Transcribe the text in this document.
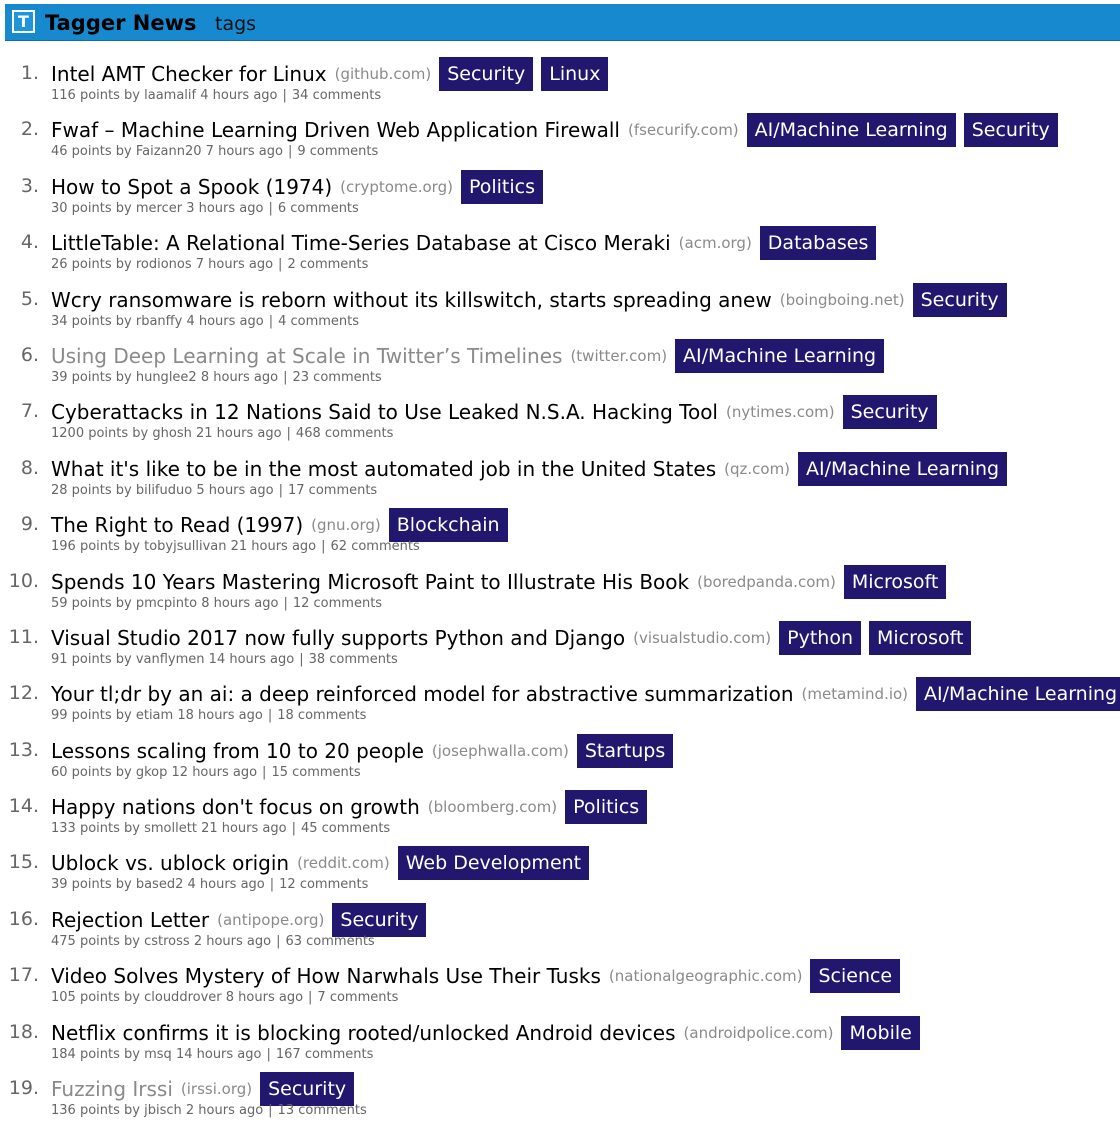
T Tagger News tags
1. Intel AMT Checker for Linux (github.com) Security	Linux
116 points by laamalif 4 hours ago | 34 comments
2. Fwaf – Machine Learning Driven Web Application Firewall (fsecurify.com) AI/Machine Learning	Security
46 points by Faizann20 7 hours ago | 9 comments
3. How to Spot a Spook (1974) (cryptome.org) Politics
30 points by mercer 3 hours ago | 6 comments
4. LittleTable: A Relational Time-Series Database at Cisco Meraki (acm.org) Databases
26 points by rodionos 7 hours ago | 2 comments
5. Wcry ransomware is reborn without its killswitch, starts spreading anew (boingboing.net) Security
34 points by rbanffy 4 hours ago | 4 comments
6. Using Deep Learning at Scale in Twitter’s Timelines (twitter.com) AI/Machine Learning
39 points by hunglee2 8 hours ago | 23 comments
7. Cyberattacks in 12 Nations Said to Use Leaked N.S.A. Hacking Tool (nytimes.com) Security
1200 points by ghosh 21 hours ago | 468 comments
8. What it's like to be in the most automated job in the United States (qz.com) AI/Machine Learning
28 points by bilifuduo 5 hours ago | 17 comments
9. The Right to Read (1997) (gnu.org) Blockchain
196 points by tobyjsullivan 21 hours ago | 62 comments
10. Spends 10 Years Mastering Microsoft Paint to Illustrate His Book (boredpanda.com) Microsoft
59 points by pmcpinto 8 hours ago | 12 comments
11. Visual Studio 2017 now fully supports Python and Django (visualstudio.com) Python	Microsoft
91 points by vanflymen 14 hours ago | 38 comments
12. Your tl;dr by an ai: a deep reinforced model for abstractive summarization (metamind.io) AI/Machine Learning
99 points by etiam 18 hours ago | 18 comments
13. Lessons scaling from 10 to 20 people (josephwalla.com) Startups
60 points by gkop 12 hours ago | 15 comments
14. Happy nations don't focus on growth (bloomberg.com) Politics
133 points by smollett 21 hours ago | 45 comments
15. Ublock vs. ublock origin (reddit.com) Web Development
39 points by based2 4 hours ago | 12 comments
16. Rejection Letter (antipope.org) Security
475 points by cstross 2 hours ago | 63 comments
17. Video Solves Mystery of How Narwhals Use Their Tusks (nationalgeographic.com) Science
105 points by clouddrover 8 hours ago | 7 comments
18. Netflix confirms it is blocking rooted/unlocked Android devices (androidpolice.com) Mobile
184 points by msq 14 hours ago | 167 comments
19. Fuzzing Irssi (irssi.org) Security
136 points by jbisch 2 hours ago | 13 comments
